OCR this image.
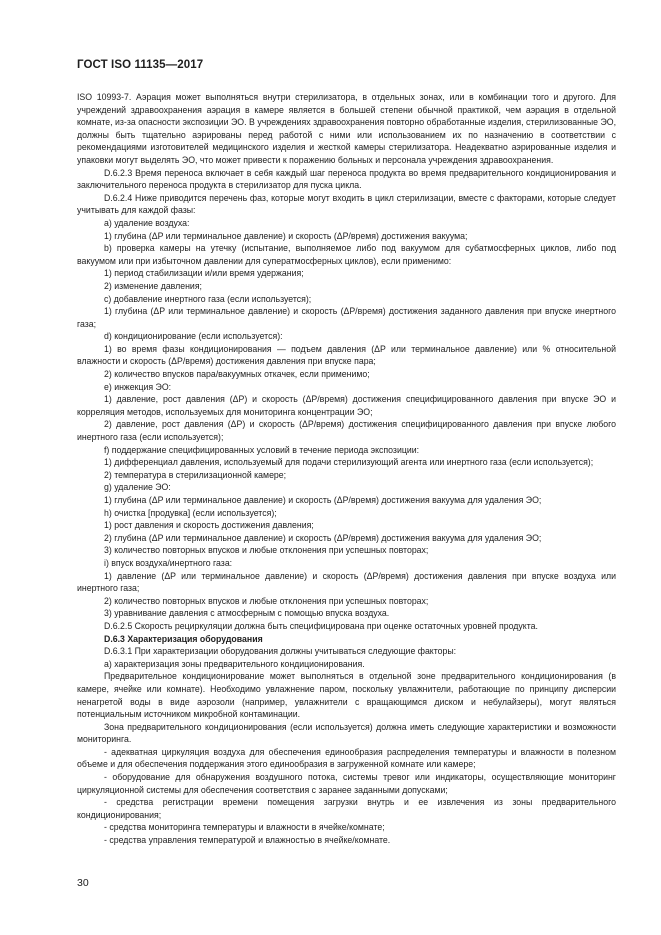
ГОСТ ISO 11135—2017

ISO 10993-7. Аэрация может выполняться внутри стерилизатора, в отдельных зонах, или в комбинации того и другого. Для учреждений здравоохранения аэрация в камере является в большей степени обычной практикой, чем аэрация в отдельной комнате, из-за опасности экспозиции ЭО. В учреждениях здравоохранения повторно обработанные изделия, стерилизованные ЭО, должны быть тщательно аэрированы перед работой с ними или использованием их по назначению в соответствии с рекомендациями изготовителей медицинского изделия и жесткой камеры стерилизатора. Неадекватно аэрированные изделия и упаковки могут выделять ЭО, что может привести к поражению больных и персонала учреждения здравоохранения.

D.6.2.3 Время переноса включает в себя каждый шаг переноса продукта во время предварительного кондиционирования и заключительного переноса продукта в стерилизатор для пуска цикла.

D.6.2.4 Ниже приводится перечень фаз, которые могут входить в цикл стерилизации, вместе с факторами, которые следует учитывать для каждой фазы:

a) удаление воздуха:

1) глубина (ΔP или терминальное давление) и скорость (ΔP/время) достижения вакуума;

b) проверка камеры на утечку (испытание, выполняемое либо под вакуумом для субатмосферных циклов, либо под вакуумом или при избыточном давлении для суператмосферных циклов), если применимо:

1) период стабилизации и/или время удержания;

2) изменение давления;

c) добавление инертного газа (если используется);

1) глубина (ΔP или терминальное давление) и скорость (ΔP/время) достижения заданного давления при впуске инертного газа;

d) кондиционирование (если используется):

1) во время фазы кондиционирования — подъем давления (ΔP или терминальное давление) или % относительной влажности и скорость (ΔP/время) достижения давления при впуске пара;

2) количество впусков пара/вакуумных откачек, если применимо;

e) инжекция ЭО:

1) давление, рост давления (ΔP) и скорость (ΔP/время) достижения специфицированного давления при впуске ЭО и корреляция методов, используемых для мониторинга концентрации ЭО;

2) давление, рост давления (ΔP) и скорость (ΔP/время) достижения специфицированного давления при впуске любого инертного газа (если используется);

f) поддержание специфицированных условий в течение периода экспозиции:

1) дифференциал давления, используемый для подачи стерилизующий агента или инертного газа (если используется);

2) температура в стерилизационной камере;

g) удаление ЭО:

1) глубина (ΔP или терминальное давление) и скорость (ΔP/время) достижения вакуума для удаления ЭО;

h) очистка [продувка] (если используется);

1) рост давления и скорость достижения давления;

2) глубина (ΔP или терминальное давление) и скорость (ΔP/время) достижения вакуума для удаления ЭО;

3) количество повторных впусков и любые отклонения при успешных повторах;

i) впуск воздуха/инертного газа:

1) давление (ΔP или терминальное давление) и скорость (ΔP/время) достижения давления при впуске воздуха или инертного газа;

2) количество повторных впусков и любые отклонения при успешных повторах;

3) уравнивание давления с атмосферным с помощью впуска воздуха.

D.6.2.5 Скорость рециркуляции должна быть специфицирована при оценке остаточных уровней продукта.

D.6.3 Характеризация оборудования

D.6.3.1 При характеризации оборудования должны учитываться следующие факторы:

a) характеризация зоны предварительного кондиционирования.

Предварительное кондиционирование может выполняться в отдельной зоне предварительного кондиционирования (в камере, ячейке или комнате). Необходимо увлажнение паром, поскольку увлажнители, работающие по принципу дисперсии ненагретой воды в виде аэрозоли (например, увлажнители с вращающимся диском и небулайзеры), могут являться потенциальным источником микробной контаминации.

Зона предварительного кондиционирования (если используется) должна иметь следующие характеристики и возможности мониторинга.

- адекватная циркуляция воздуха для обеспечения единообразия распределения температуры и влажности в полезном объеме и для обеспечения поддержания этого единообразия в загруженной комнате или камере;

- оборудование для обнаружения воздушного потока, системы тревог или индикаторы, осуществляющие мониторинг циркуляционной системы для обеспечения соответствия с заранее заданными допусками;

- средства регистрации времени помещения загрузки внутрь и ее извлечения из зоны предварительного кондиционирования;

- средства мониторинга температуры и влажности в ячейке/комнате;

- средства управления температурой и влажностью в ячейке/комнате.

30
